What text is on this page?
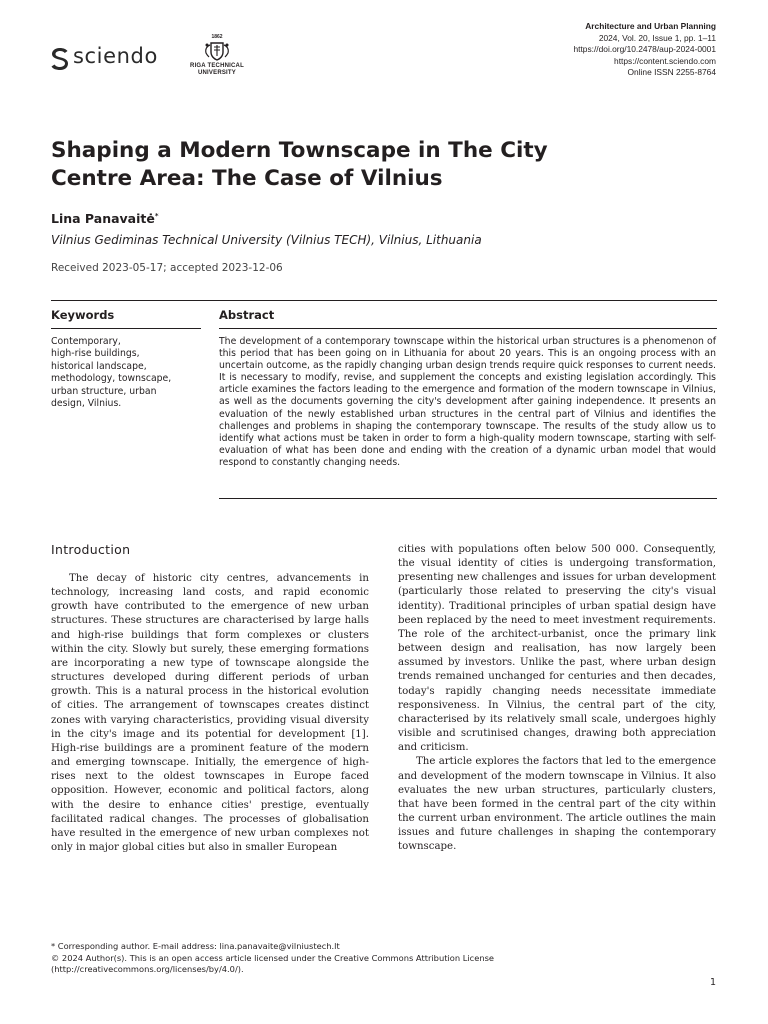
sciendo
1862
RIGA TECHNICAL
UNIVERSITY
Architecture and Urban Planning
2024, Vol. 20, Issue 1, pp. 1–11
https://doi.org/10.2478/aup-2024-0001
https://content.sciendo.com
Online ISSN 2255-8764
Shaping a Modern Townscape in The City
Centre Area: The Case of Vilnius
Lina Panavaitė*
Vilnius Gediminas Technical University (Vilnius TECH), Vilnius, Lithuania
Received 2023-05-17; accepted 2023-12-06
Keywords	Abstract
Contemporary,
high-rise buildings,
historical landscape,
methodology, townscape,
urban structure, urban
design, Vilnius.
The development of a contemporary townscape within the historical urban structures is a phenomenon of this period that has been going on in Lithuania for about 20 years. This is an ongoing process with an uncertain outcome, as the rapidly changing urban design trends require quick responses to current needs. It is necessary to modify, revise, and supplement the concepts and existing legislation accordingly. This article examines the factors leading to the emergence and formation of the modern townscape in Vilnius, as well as the documents governing the city's development after gaining independence. It presents an evaluation of the newly established urban structures in the central part of Vilnius and identifies the challenges and problems in shaping the contemporary townscape. The results of the study allow us to identify what actions must be taken in order to form a high-quality modern townscape, starting with self-evaluation of what has been done and ending with the creation of a dynamic urban model that would respond to constantly changing needs.
Introduction

The decay of historic city centres, advancements in technology, increasing land costs, and rapid economic growth have contributed to the emergence of new urban structures. These structures are characterised by large halls and high-rise buildings that form complexes or clusters within the city. Slowly but surely, these emerging formations are incorporating a new type of townscape alongside the structures developed during different periods of urban growth. This is a natural process in the historical evolution of cities. The arrangement of townscapes creates distinct zones with varying characteristics, providing visual diversity in the city's image and its potential for development [1]. High-rise buildings are a prominent feature of the modern and emerging townscape. Initially, the emergence of high-rises next to the oldest townscapes in Europe faced opposition. However, economic and political factors, along with the desire to enhance cities' prestige, eventually facilitated radical changes. The processes of globalisation have resulted in the emergence of new urban complexes not only in major global cities but also in smaller European

cities with populations often below 500 000. Consequently, the visual identity of cities is undergoing transformation, presenting new challenges and issues for urban development (particularly those related to preserving the city's visual identity). Traditional principles of urban spatial design have been replaced by the need to meet investment requirements. The role of the architect-urbanist, once the primary link between design and realisation, has now largely been assumed by investors. Unlike the past, where urban design trends remained unchanged for centuries and then decades, today's rapidly changing needs necessitate immediate responsiveness. In Vilnius, the central part of the city, characterised by its relatively small scale, undergoes highly visible and scrutinised changes, drawing both appreciation and criticism.

The article explores the factors that led to the emergence and development of the modern townscape in Vilnius. It also evaluates the new urban structures, particularly clusters, that have been formed in the central part of the city within the current urban environment. The article outlines the main issues and future challenges in shaping the contemporary townscape.

* Corresponding author. E-mail address: lina.panavaite@vilniustech.lt
© 2024 Author(s). This is an open access article licensed under the Creative Commons Attribution License
(http://creativecommons.org/licenses/by/4.0/).
1
